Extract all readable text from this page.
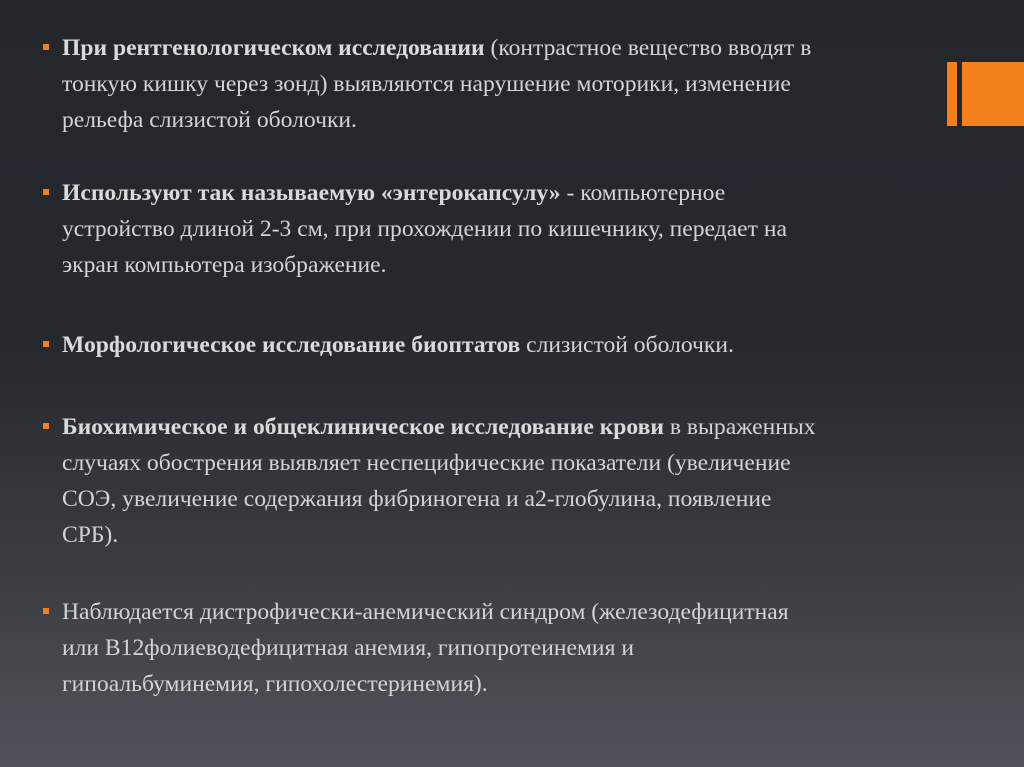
При рентгенологическом исследовании (контрастное вещество вводят в
тонкую кишку через зонд) выявляются нарушение моторики, изменение
рельефа слизистой оболочки.
Используют так называемую «энтерокапсулу» - компьютерное
устройство длиной 2-3 см, при прохождении по кишечнику, передает на
экран компьютера изображение.
Морфологическое исследование биоптатов слизистой оболочки.
Биохимическое и общеклиническое исследование крови в выраженных
случаях обострения выявляет неспецифические показатели (увеличение
СОЭ, увеличение содержания фибриногена и а2-глобулина, появление
СРБ).
Наблюдается дистрофически-анемический синдром (железодефицитная
или В12фолиеводефицитная анемия, гипопротеинемия и
гипоальбуминемия, гипохолестеринемия).
